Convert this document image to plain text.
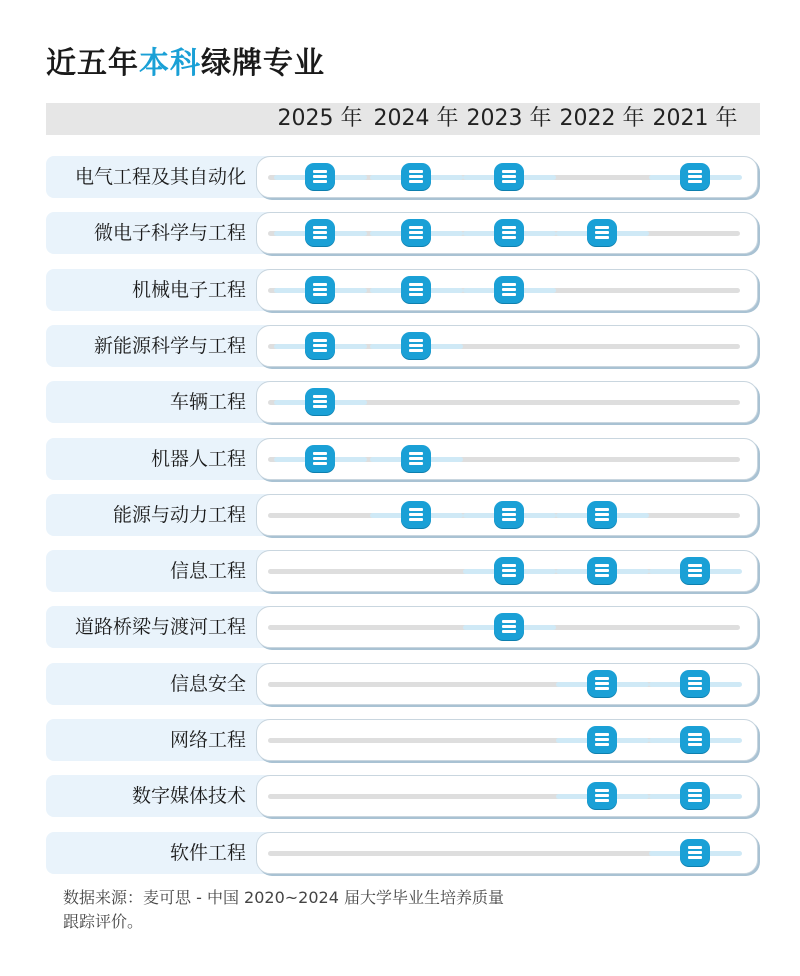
近五年本科绿牌专业
2025 年 2024 年 2023 年 2022 年 2021 年
电气工程及其自动化
微电子科学与工程
机械电子工程
新能源科学与工程
车辆工程
机器人工程
能源与动力工程
信息工程
道路桥梁与渡河工程
信息安全
网络工程
数字媒体技术
软件工程
数据来源：麦可思 - 中国 2020~2024 届大学毕业生培养质量
跟踪评价。
